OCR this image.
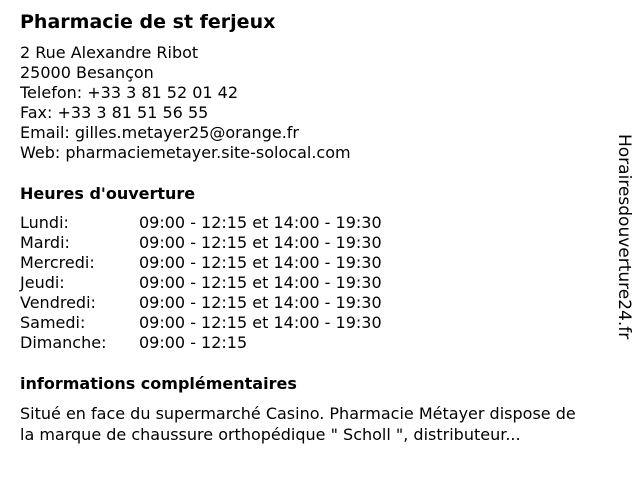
Pharmacie de st ferjeux
2 Rue Alexandre Ribot
25000 Besançon
Telefon: +33 3 81 52 01 42
Fax: +33 3 81 51 56 55
Email: gilles.metayer25@orange.fr
Web: pharmaciemetayer.site-solocal.com
Heures d'ouverture
Lundi:	09:00 - 12:15 et 14:00 - 19:30
Mardi:	09:00 - 12:15 et 14:00 - 19:30
Mercredi:	09:00 - 12:15 et 14:00 - 19:30
Jeudi:	09:00 - 12:15 et 14:00 - 19:30
Vendredi:	09:00 - 12:15 et 14:00 - 19:30
Samedi:	09:00 - 12:15 et 14:00 - 19:30
Dimanche: 09:00 - 12:15
informations complémentaires

Situé en face du supermarché Casino. Pharmacie Métayer dispose de
la marque de chaussure orthopédique " Scholl ", distributeur...

Horairesdouverture24.fr
